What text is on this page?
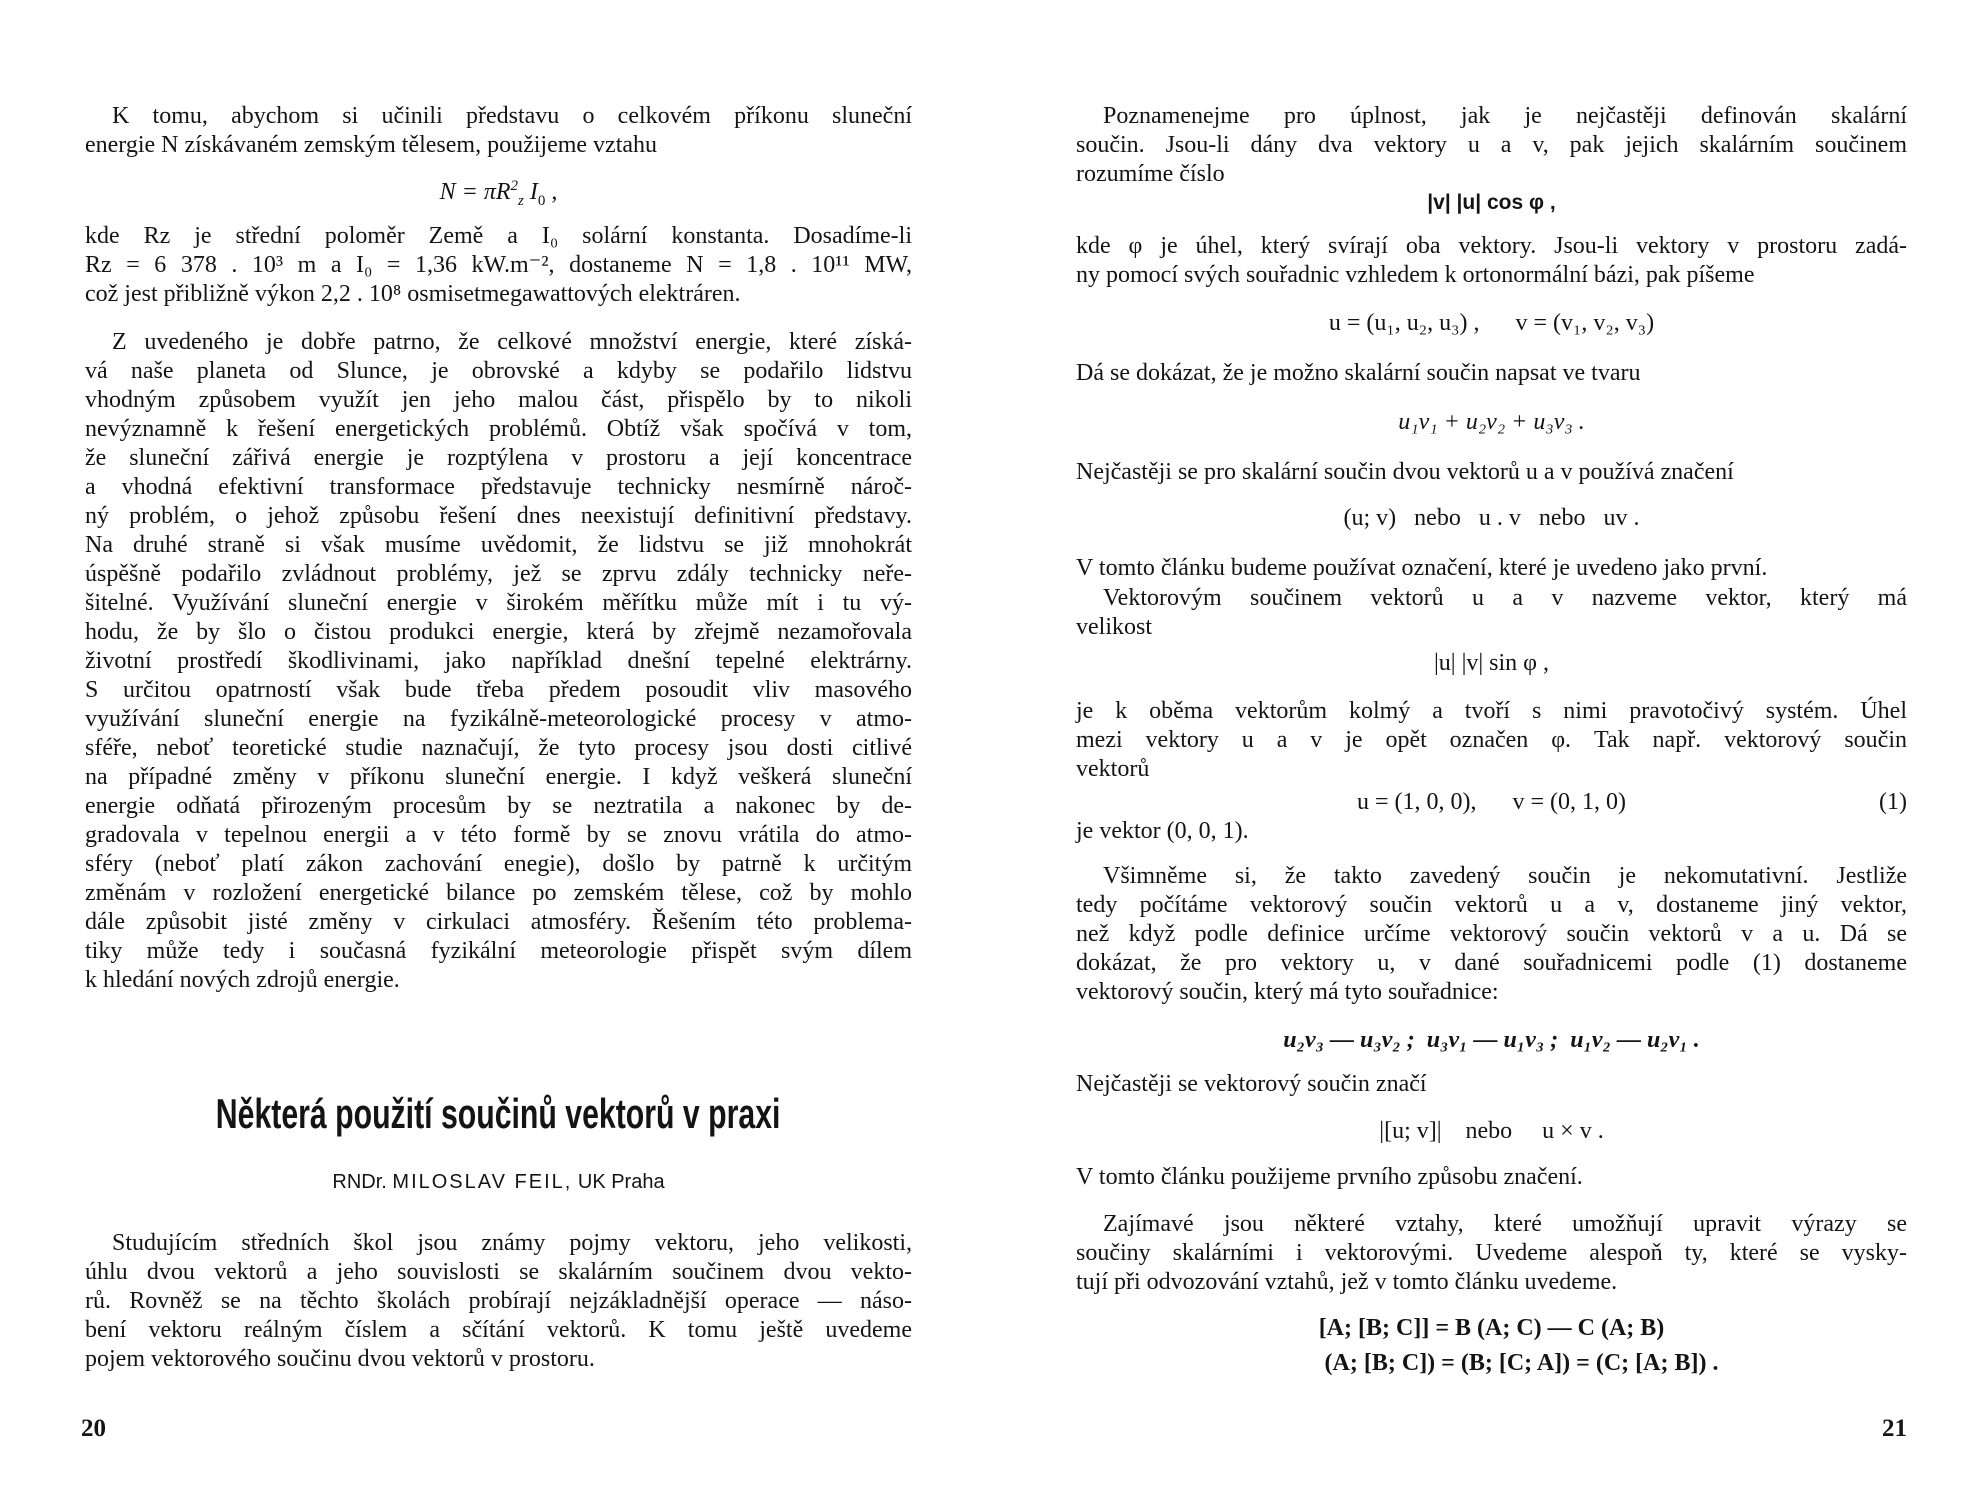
K tomu, abychom si učinili představu o celkovém příkonu sluneční
energie N získávaném zemským tělesem, použijeme vztahu
$N = \pi R^2_z$ $I_0$ ,
kde Rz je střední poloměr Země a I₀ solární konstanta. Dosadíme-li
Rz = 6 378 . 10³ m a I₀ = 1,36 kW.m⁻², dostaneme N = 1,8 . 10¹¹ MW,
což jest přibližně výkon 2,2 . 10⁸ osmisetmegawattových elektráren.
Z uvedeného je dobře patrno, že celkové množství energie, které získá-
vá naše planeta od Slunce, je obrovské a kdyby se podařilo lidstvu
vhodným způsobem využít jen jeho malou část, přispělo by to nikoli
nevýznamně k řešení energetických problémů. Obtíž však spočívá v tom,
že sluneční zářivá energie je rozptýlena v prostoru a její koncentrace
a vhodná efektivní transformace představuje technicky nesmírně nároč-
ný problém, o jehož způsobu řešení dnes neexistují definitivní představy.
Na druhé straně si však musíme uvědomit, že lidstvu se již mnohokrát
úspěšně podařilo zvládnout problémy, jež se zprvu zdály technicky neře-
šitelné. Využívání sluneční energie v širokém měřítku může mít i tu vý-
hodu, že by šlo o čistou produkci energie, která by zřejmě nezamořovala
životní prostředí škodlivinami, jako například dnešní tepelné elektrárny.
S určitou opatrností však bude třeba předem posoudit vliv masového
využívání sluneční energie na fyzikálně-meteorologické procesy v atmo-
sféře, neboť teoretické studie naznačují, že tyto procesy jsou dosti citlivé
na případné změny v příkonu sluneční energie. I když veškerá sluneční
energie odňatá přirozeným procesům by se neztratila a nakonec by de-
gradovala v tepelnou energii a v této formě by se znovu vrátila do atmo-
sféry (neboť platí zákon zachování enegie), došlo by patrně k určitým
změnám v rozložení energetické bilance po zemském tělese, což by mohlo
dále způsobit jisté změny v cirkulaci atmosféry. Řešením této problema-
tiky může tedy i současná fyzikální meteorologie přispět svým dílem
k hledání nových zdrojů energie.
Některá použití součinů vektorů v praxi
RNDr. MILOSLAV FEIL, UK Praha
Studujícím středních škol jsou známy pojmy vektoru, jeho velikosti,
úhlu dvou vektorů a jeho souvislosti se skalárním součinem dvou vekto-
rů. Rovněž se na těchto školách probírají nejzákladnější operace — náso-
bení vektoru reálným číslem a sčítání vektorů. K tomu ještě uvedeme
pojem vektorového součinu dvou vektorů v prostoru.
20
Poznamenejme pro úplnost, jak je nejčastěji definován skalární
součin. Jsou-li dány dva vektory u a v, pak jejich skalárním součinem
rozumíme číslo
|v| |u| cos φ ,
kde φ je úhel, který svírají oba vektory. Jsou-li vektory v prostoru zadá-
ny pomocí svých souřadnic vzhledem k ortonormální bázi, pak píšeme
u = (u₁, u₂, u₃) ,      v = (v₁, v₂, v₃)
Dá se dokázat, že je možno skalární součin napsat ve tvaru
u₁v₁ + u₂v₂ + u₃v₃ .
Nejčastěji se pro skalární součin dvou vektorů u a v používá značení
(u; v)   nebo   u . v   nebo   uv .
V tomto článku budeme používat označení, které je uvedeno jako první.
Vektorovým součinem vektorů u a v nazveme vektor, který má
velikost
|u| |v| sin φ ,
je k oběma vektorům kolmý a tvoří s nimi pravotočivý systém. Úhel
mezi vektory u a v je opět označen φ. Tak např. vektorový součin
vektorů
u = (1, 0, 0),      v = (0, 1, 0)	(1)
je vektor (0, 0, 1).
Všimněme si, že takto zavedený součin je nekomutativní. Jestliže
tedy počítáme vektorový součin vektorů u a v, dostaneme jiný vektor,
než když podle definice určíme vektorový součin vektorů v a u. Dá se
dokázat, že pro vektory u, v dané souřadnicemi podle (1) dostaneme
vektorový součin, který má tyto souřadnice:
u₂v₃ — u₃v₂ ;  u₃v₁ — u₁v₃ ;  u₁v₂ — u₂v₁ .
Nejčastěji se vektorový součin značí
|[u; v]|    nebo     u × v .
V tomto článku použijeme prvního způsobu značení.
Zajímavé jsou některé vztahy, které umožňují upravit výrazy se
součiny skalárními i vektorovými. Uvedeme alespoň ty, které se vysky-
tují při odvozování vztahů, jež v tomto článku uvedeme.
[A; [B; C]] = B (A; C) — C (A; B)
(A; [B; C]) = (B; [C; A]) = (C; [A; B]) .
21
